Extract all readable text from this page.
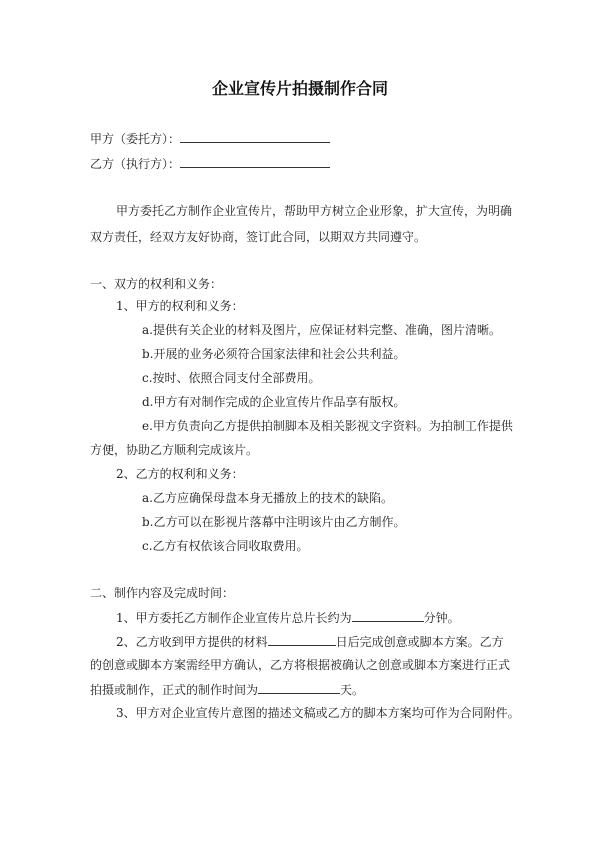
企业宣传片拍摄制作合同
甲方（委托方）：
乙方（执行方）：
甲方委托乙方制作企业宣传片，帮助甲方树立企业形象，扩大宣传，为明确
双方责任，经双方友好协商，签订此合同，以期双方共同遵守。
一、双方的权利和义务：
1、甲方的权利和义务：
a.提供有关企业的材料及图片，应保证材料完整、准确，图片清晰。
b.开展的业务必须符合国家法律和社会公共利益。
c.按时、依照合同支付全部费用。
d.甲方有对制作完成的企业宣传片作品享有版权。
e.甲方负责向乙方提供拍制脚本及相关影视文字资料。为拍制工作提供
方便，协助乙方顺利完成该片。
2、乙方的权利和义务：
a.乙方应确保母盘本身无播放上的技术的缺陷。
b.乙方可以在影视片落幕中注明该片由乙方制作。
c.乙方有权依该合同收取费用。
二、制作内容及完成时间：
1、甲方委托乙方制作企业宣传片总片长约为	分钟。
2、乙方收到甲方提供的材料	日后完成创意或脚本方案。乙方
的创意或脚本方案需经甲方确认，乙方将根据被确认之创意或脚本方案进行正式
拍摄或制作，正式的制作时间为	天。
3、甲方对企业宣传片意图的描述文稿或乙方的脚本方案均可作为合同附件。
